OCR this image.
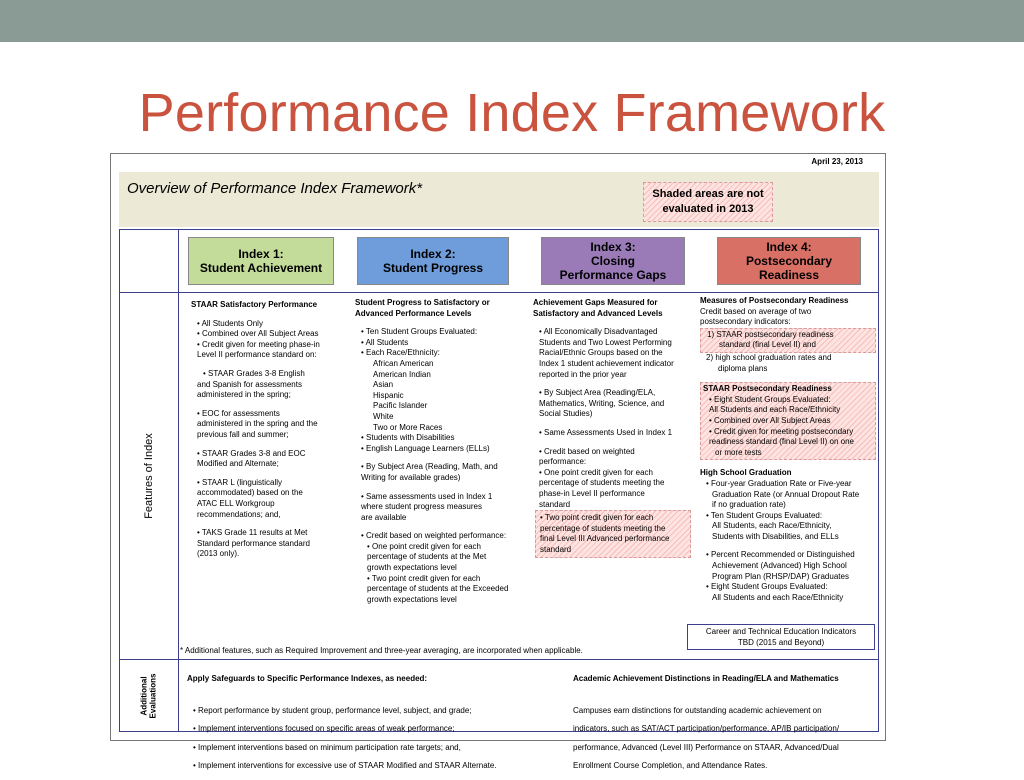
Performance Index Framework
April 23, 2013
Overview of Performance Index Framework*	Shaded areas are not
evaluated in 2013
Index 1:
Student Achievement
Index 2:
Student Progress
Index 3:
Closing
Performance Gaps
Index 4:
Postsecondary
Readiness
Features of Index
Additional Evaluations

STAAR Satisfactory Performance

• All Students Only

• Combined over All Subject Areas

• Credit given for meeting phase-in

Level II performance standard on:

• STAAR Grades 3-8 English

and Spanish for assessments

administered in the spring;

• EOC for assessments

administered in the spring and the

previous fall and summer;

• STAAR Grades 3-8 and EOC

Modified and Alternate;

• STAAR L (linguistically

accommodated) based on the

ATAC ELL Workgroup

recommendations; and,

• TAKS Grade 11 results at Met

Standard performance standard

(2013 only).

Student Progress to Satisfactory or

Advanced Performance Levels

• Ten Student Groups Evaluated:

• All Students

• Each Race/Ethnicity:

African American

American Indian

Asian

Hispanic

Pacific Islander

White

Two or More Races

• Students with Disabilities

• English Language Learners (ELLs)

• By Subject Area (Reading, Math, and

Writing for available grades)

• Same assessments used in Index 1

where student progress measures

are available

• Credit based on weighted performance:

• One point credit given for each

percentage of students at the Met

growth expectations level

• Two point credit given for each

percentage of students at the Exceeded

growth expectations level

Achievement Gaps Measured for

Satisfactory and Advanced Levels

• All Economically Disadvantaged

Students and Two Lowest Performing

Racial/Ethnic Groups based on the

Index 1 student achievement indicator

reported in the prior year

• By Subject Area (Reading/ELA,

Mathematics, Writing, Science, and

Social Studies)

• Same Assessments Used in Index 1

• Credit based on weighted

performance:

• One point credit given for each

percentage of students meeting the

phase-in Level II performance

standard

• Two point credit given for each

percentage of students meeting the

final Level III Advanced performance

standard

Measures of Postsecondary Readiness

Credit based on average of two

postsecondary indicators:

1) STAAR postsecondary readiness

standard (final Level II) and

2) high school graduation rates and

diploma plans

STAAR Postsecondary Readiness

• Eight Student Groups Evaluated:

All Students and each Race/Ethnicity

• Combined over All Subject Areas

• Credit given for meeting postsecondary

readiness standard (final Level II) on one

or more tests

High School Graduation

• Four-year Graduation Rate or Five-year

Graduation Rate (or Annual Dropout Rate

if no graduation rate)

• Ten Student Groups Evaluated:

All Students, each Race/Ethnicity,

Students with Disabilities, and ELLs

• Percent Recommended or Distinguished

Achievement (Advanced) High School

Program Plan (RHSP/DAP) Graduates

• Eight Student Groups Evaluated:

All Students and each Race/Ethnicity

Career and Technical Education Indicators

TBD (2015 and Beyond)

* Additional features, such as Required Improvement and three-year averaging, are incorporated when applicable.

Apply Safeguards to Specific Performance Indexes, as needed:

• Report performance by student group, performance level, subject, and grade;

• Implement interventions focused on specific areas of weak performance;

• Implement interventions based on minimum participation rate targets; and,

• Implement interventions for excessive use of STAAR Modified and STAAR Alternate.

Academic Achievement Distinctions in Reading/ELA and Mathematics

Campuses earn distinctions for outstanding academic achievement on

indicators, such as SAT/ACT participation/performance, AP/IB participation/

performance, Advanced (Level III) Performance on STAAR, Advanced/Dual

Enrollment Course Completion, and Attendance Rates.
